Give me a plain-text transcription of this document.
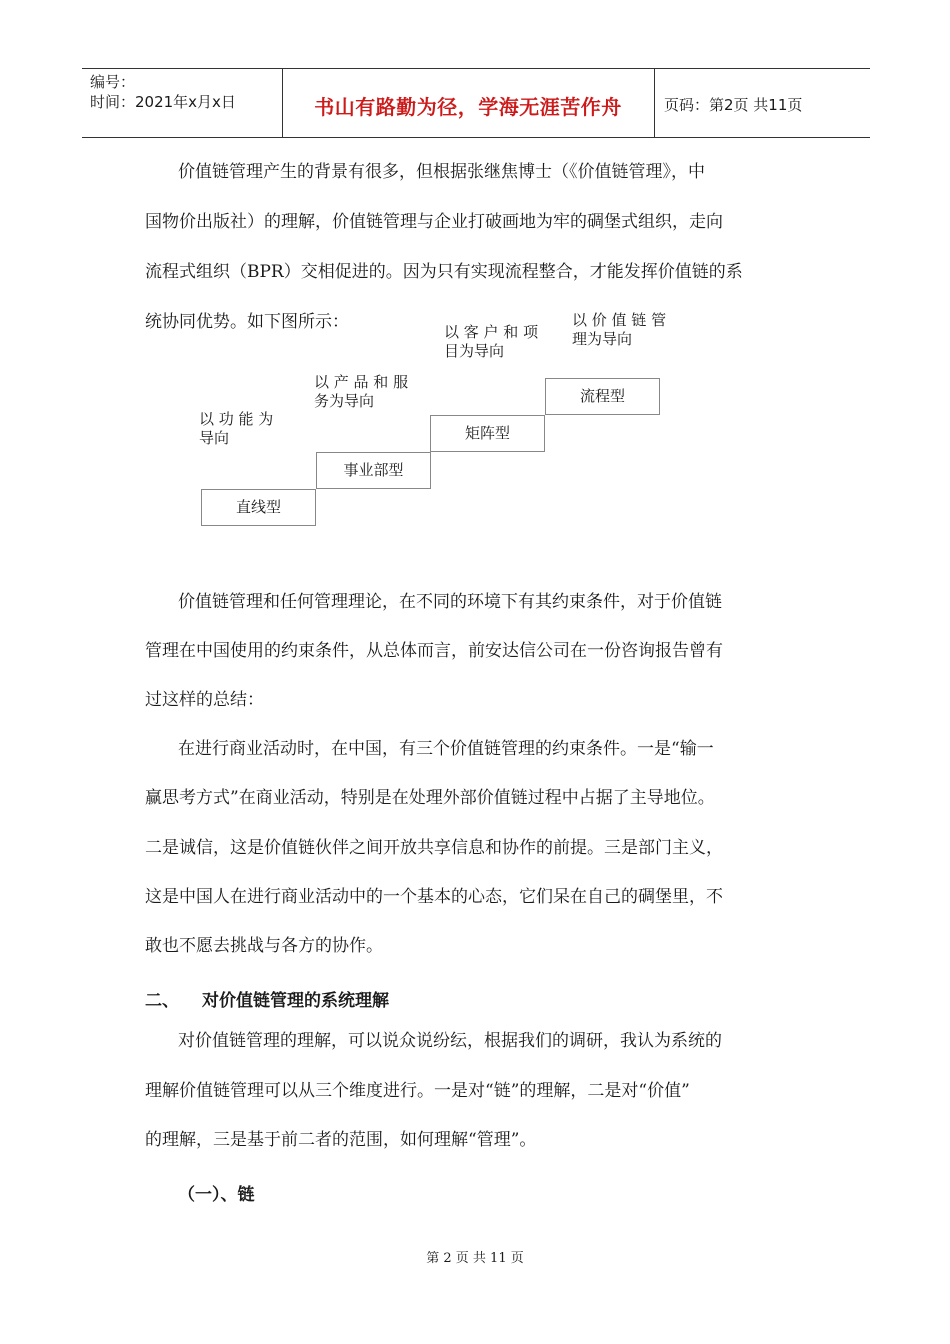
编号：
时间：2021年x月x日	书山有路勤为径，学海无涯苦作舟	页码：第2页 共11页
价值链管理产生的背景有很多，但根据张继焦博士（《价值链管理》，中
国物价出版社）的理解，价值链管理与企业打破画地为牢的碉堡式组织，走向
流程式组织（BPR）交相促进的。因为只有实现流程整合，才能发挥价值链的系
统协同优势。如下图所示：
直线型
事业部型
矩阵型
流程型
以 功 能 为 导向
以 产 品 和 服 务为导向
以 客 户 和 项 目为导向
以 价 值 链 管 理为导向
价值链管理和任何管理理论，在不同的环境下有其约束条件，对于价值链
管理在中国使用的约束条件，从总体而言，前安达信公司在一份咨询报告曾有
过这样的总结：
在进行商业活动时，在中国，有三个价值链管理的约束条件。一是“输一
赢思考方式”在商业活动，特别是在处理外部价值链过程中占据了主导地位。
二是诚信，这是价值链伙伴之间开放共享信息和协作的前提。三是部门主义，
这是中国人在进行商业活动中的一个基本的心态，它们呆在自己的碉堡里，不
敢也不愿去挑战与各方的协作。
二、 对价值链管理的系统理解
对价值链管理的理解，可以说众说纷纭，根据我们的调研，我认为系统的
理解价值链管理可以从三个维度进行。一是对“链”的理解，二是对“价值”
的理解，三是基于前二者的范围，如何理解“管理”。
（一）、链
第 2 页 共 11 页
